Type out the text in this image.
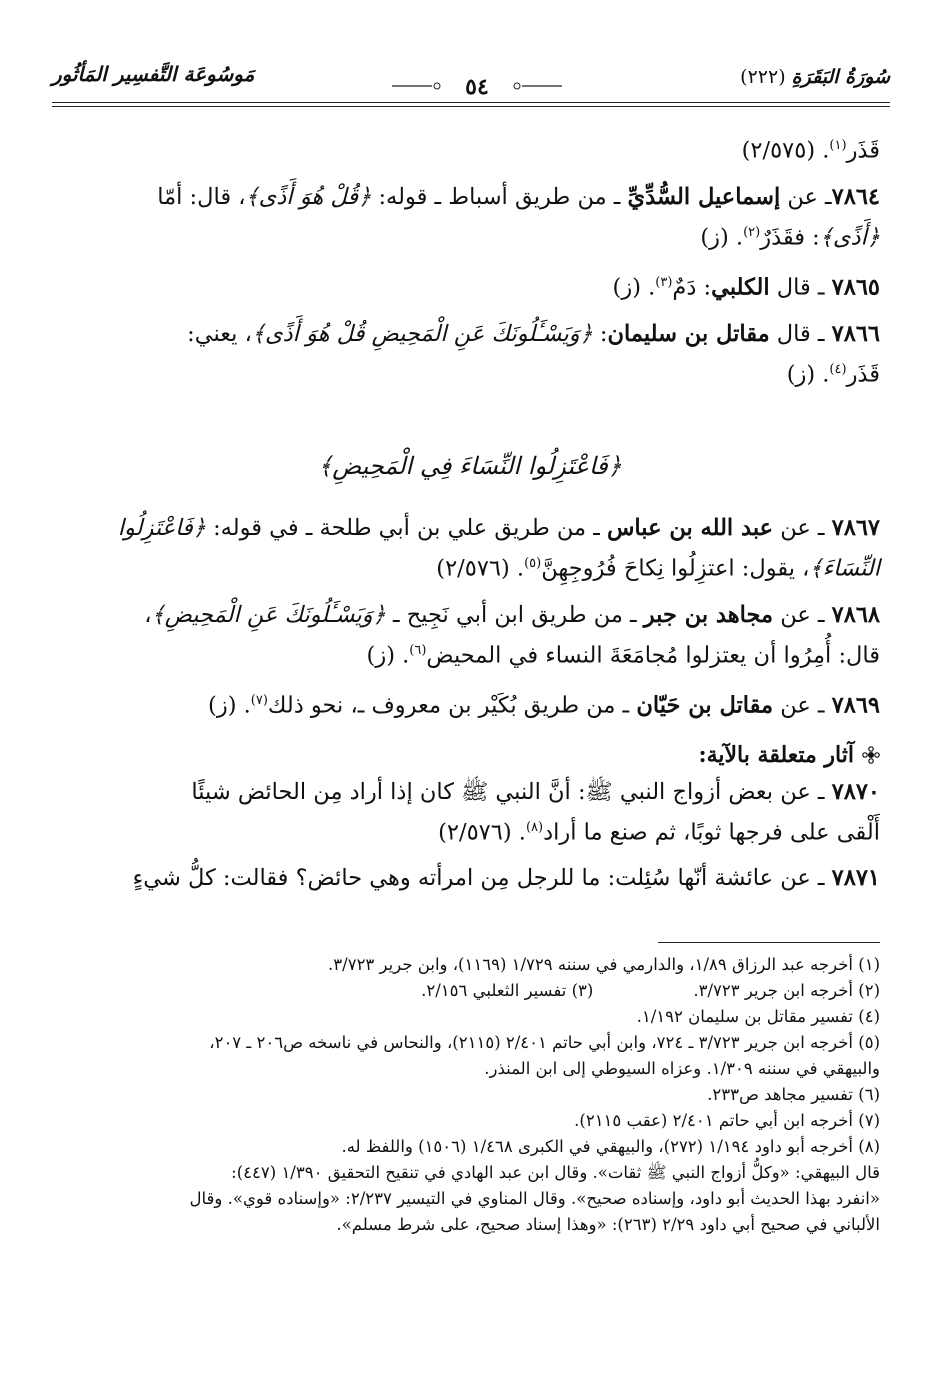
سُورَةُ البَقَرَةِ (٢٢٢)
٥٤
مَوسُوعَة التَّفسِير المَأثُور
قَذَر$^{(١)}$. (٢/٥٧٥)
٧٨٦٤ـ عن إسماعيل السُّدِّيِّ ـ من طريق أسباط ـ قوله: ﴿قُلْ هُوَ أَذًى﴾، قال: أمّا
﴿أَذًى﴾: فقَذَرٌ$^{(٢)}$. (ز)
٧٨٦٥ ـ قال الكلبي: دَمٌ$^{(٣)}$. (ز)
٧٨٦٦ ـ قال مقاتل بن سليمان: ﴿وَيَسْـَٔلُونَكَ عَنِ الْمَحِيضِ قُلْ هُوَ أَذًى﴾، يعني:
قَذَر$^{(٤)}$. (ز)
﴿فَاعْتَزِلُوا النِّسَاءَ فِي الْمَحِيضِ﴾
٧٨٦٧ ـ عن عبد الله بن عباس ـ من طريق علي بن أبي طلحة ـ في قوله: ﴿فَاعْتَزِلُوا
النِّسَاءَ﴾، يقول: اعتزِلُوا نِكاحَ فُرُوجِهِنَّ$^{(٥)}$. (٢/٥٧٦)
٧٨٦٨ ـ عن مجاهد بن جبر ـ من طريق ابن أبي نَجِيح ـ ﴿وَيَسْـَٔلُونَكَ عَنِ الْمَحِيضِ﴾،
قال: أُمِرُوا أن يعتزلوا مُجامَعَةَ النساء في المحيض$^{(٦)}$. (ز)
٧٨٦٩ ـ عن مقاتل بن حَيّان ـ من طريق بُكَيْر بن معروف ـ، نحو ذلك$^{(٧)}$. (ز)
آثار متعلقة بالآية:
٧٨٧٠ ـ عن بعض أزواج النبي ﷺ: أنَّ النبي ﷺ كان إذا أراد مِن الحائض شيئًا
أَلْقى على فرجها ثوبًا، ثم صنع ما أراد$^{(٨)}$. (٢/٥٧٦)
٧٨٧١ ـ عن عائشة أنّها سُئِلت: ما للرجل مِن امرأته وهي حائض؟ فقالت: كلُّ شيءٍ
(١) أخرجه عبد الرزاق ١/٨٩، والدارمي في سننه ١/٧٢٩ (١١٦٩)، وابن جرير ٣/٧٢٣.
(٢) أخرجه ابن جرير ٣/٧٢٣.
(٣) تفسير الثعلبي ٢/١٥٦.
(٤) تفسير مقاتل بن سليمان ١/١٩٢.
(٥) أخرجه ابن جرير ٣/٧٢٣ ـ ٧٢٤، وابن أبي حاتم ٢/٤٠١ (٢١١٥)، والنحاس في ناسخه ص٢٠٦ ـ ٢٠٧،
والبيهقي في سننه ١/٣٠٩. وعزاه السيوطي إلى ابن المنذر.
(٦) تفسير مجاهد ص٢٣٣.
(٧) أخرجه ابن أبي حاتم ٢/٤٠١ (عقب ٢١١٥).
(٨) أخرجه أبو داود ١/١٩٤ (٢٧٢)، والبيهقي في الكبرى ١/٤٦٨ (١٥٠٦) واللفظ له.
قال البيهقي: «وكلُّ أزواج النبي ﷺ ثقات». وقال ابن عبد الهادي في تنقيح التحقيق ١/٣٩٠ (٤٤٧):
«انفرد بهذا الحديث أبو داود، وإسناده صحيح». وقال المناوي في التيسير ٢/٢٣٧: «وإسناده قوي». وقال
الألباني في صحيح أبي داود ٢/٢٩ (٢٦٣): «وهذا إسناد صحيح، على شرط مسلم».
